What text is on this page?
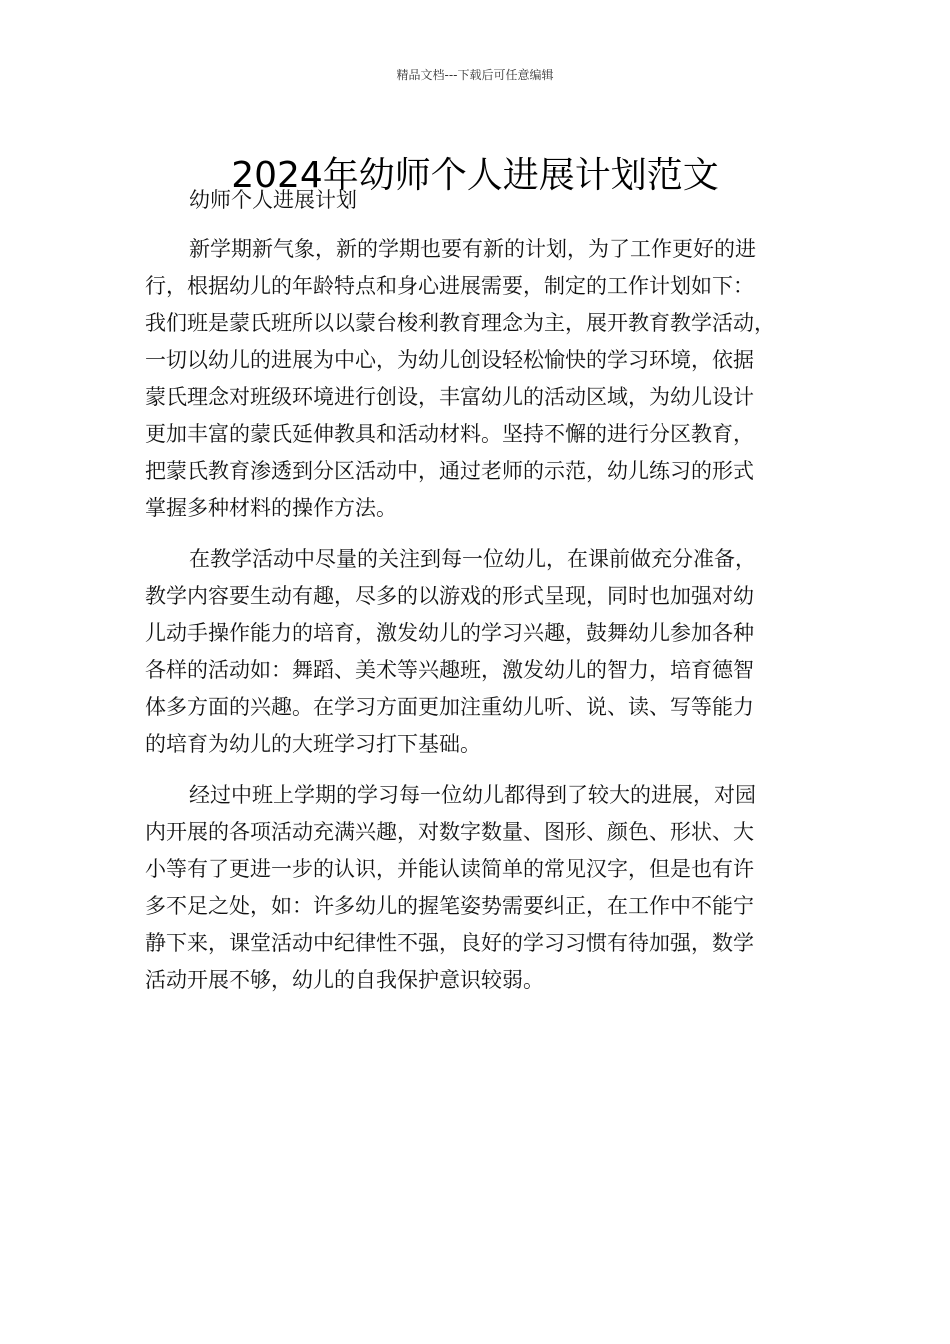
精品文档---下载后可任意编辑
2024年幼师个人进展计划范文

幼师个人进展计划

新学期新气象，新的学期也要有新的计划，为了工作更好的进
行，根据幼儿的年龄特点和身心进展需要，制定的工作计划如下：
我们班是蒙氏班所以以蒙台梭利教育理念为主，展开教育教学活动，
一切以幼儿的进展为中心，为幼儿创设轻松愉快的学习环境，依据
蒙氏理念对班级环境进行创设，丰富幼儿的活动区域，为幼儿设计
更加丰富的蒙氏延伸教具和活动材料。坚持不懈的进行分区教育，
把蒙氏教育渗透到分区活动中，通过老师的示范，幼儿练习的形式
掌握多种材料的操作方法。
在教学活动中尽量的关注到每一位幼儿，在课前做充分准备，
教学内容要生动有趣，尽多的以游戏的形式呈现，同时也加强对幼
儿动手操作能力的培育，激发幼儿的学习兴趣，鼓舞幼儿参加各种
各样的活动如：舞蹈、美术等兴趣班，激发幼儿的智力，培育德智
体多方面的兴趣。在学习方面更加注重幼儿听、说、读、写等能力
的培育为幼儿的大班学习打下基础。
经过中班上学期的学习每一位幼儿都得到了较大的进展，对园
内开展的各项活动充满兴趣，对数字数量、图形、颜色、形状、大
小等有了更进一步的认识，并能认读简单的常见汉字，但是也有许
多不足之处，如：许多幼儿的握笔姿势需要纠正，在工作中不能宁
静下来，课堂活动中纪律性不强，良好的学习习惯有待加强，数学
活动开展不够，幼儿的自我保护意识较弱。
